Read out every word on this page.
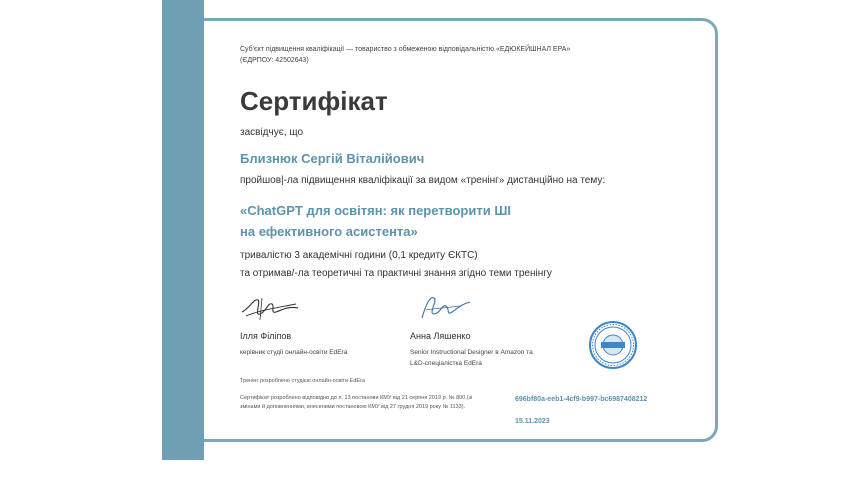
Суб'єкт підвищення кваліфікації — товариство з обмеженою відповідальністю «ЕДЮКЕЙШНАЛ ЕРА»
(ЄДРПОУ: 42502643)
Сертифікат
засвідчує, що
Близнюк Сергій Віталійович
пройшов|-ла підвищення кваліфікації за видом «тренінг» дистанційно на тему:
«ChatGPT для освітян: як перетворити ШІ
на ефективного асистента»
тривалістю 3 академічні години (0,1 кредиту ЄКТС)
та отримав/-ла теоретичні та практичні знання згідно теми тренінгу
Ілля Філіпов
керівник студії онлайн-освіти EdEra
Анна Ляшенко
Senior Instructional Designer в Amazon та
L&D-спеціалістка EdEra
Тренінг розроблено студією онлайн-освіти EdEra
Сертифікат розроблено відповідно до п. 13 постанови КМУ від 21 серпня 2019 р. № 800 (зі змінами й доповненнями, внесеними постановою КМУ від 27 грудня 2019 року № 1133).
696bf80a-eeb1-4cf9-b997-bc6987408212
15.11.2023
